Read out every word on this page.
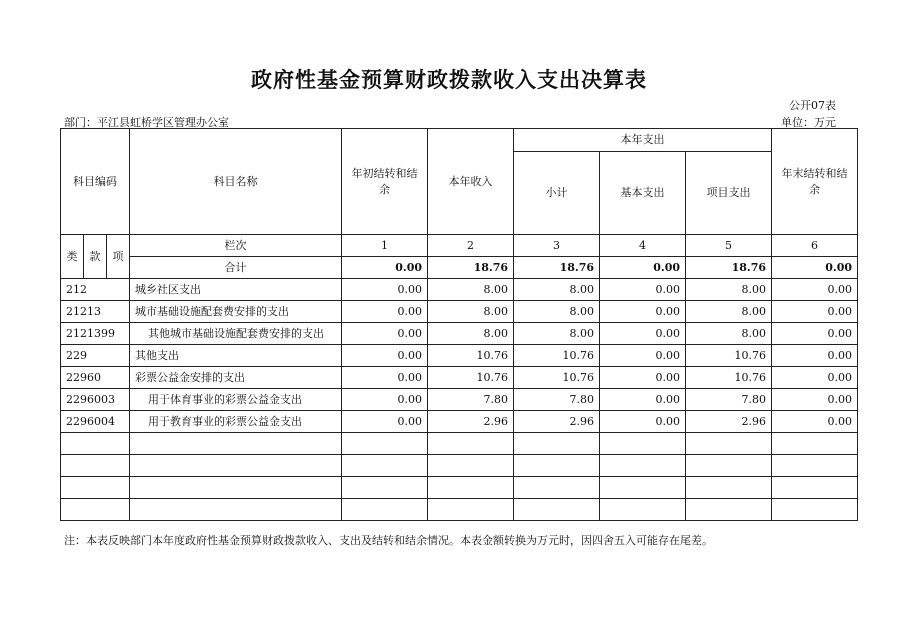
政府性基金预算财政拨款收入支出决算表
公开07表
部门：平江县虹桥学区管理办公室	单位：万元
科目编码			科目名称	年初结转和结余	本年收入	本年支出			年末结转和结余
						小计	基本支出	项目支出	
类	款	项	栏次	1	2	3	4	5	6
			合计	0.00	18.76	18.76	0.00	18.76	0.00
212			城乡社区支出	0.00	8.00	8.00	0.00	8.00	0.00
21213			城市基础设施配套费安排的支出	0.00	8.00	8.00	0.00	8.00	0.00
2121399			其他城市基础设施配套费安排的支出	0.00	8.00	8.00	0.00	8.00	0.00
229			其他支出	0.00	10.76	10.76	0.00	10.76	0.00
22960			彩票公益金安排的支出	0.00	10.76	10.76	0.00	10.76	0.00
2296003			用于体育事业的彩票公益金支出	0.00	7.80	7.80	0.00	7.80	0.00
2296004			用于教育事业的彩票公益金支出	0.00	2.96	2.96	0.00	2.96	0.00

注：本表反映部门本年度政府性基金预算财政拨款收入、支出及结转和结余情况。本表金额转换为万元时，因四舍五入可能存在尾差。
